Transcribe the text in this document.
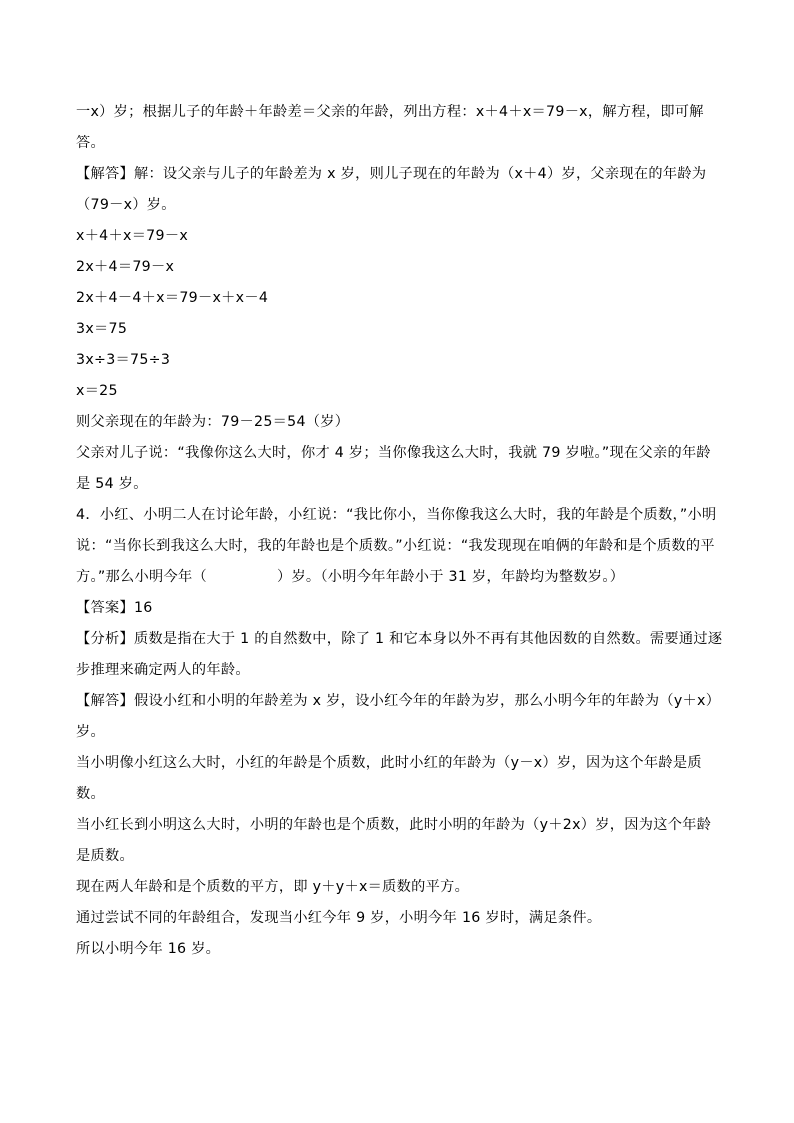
一x）岁；根据儿子的年龄＋年龄差＝父亲的年龄，列出方程：x＋4＋x＝79－x，解方程，即可解答。

【解答】解：设父亲与儿子的年龄差为 x 岁，则儿子现在的年龄为（x＋4）岁，父亲现在的年龄为（79－x）岁。

x＋4＋x＝79－x

2x＋4＝79－x

2x＋4－4＋x＝79－x＋x－4

3x＝75

3x÷3＝75÷3

x＝25

则父亲现在的年龄为：79－25＝54（岁）

父亲对儿子说：“我像你这么大时，你才 4 岁；当你像我这么大时，我就 79 岁啦。”现在父亲的年龄是 54 岁。

4．小红、小明二人在讨论年龄，小红说：“我比你小，当你像我这么大时，我的年龄是个质数，”小明说：“当你长到我这么大时，我的年龄也是个质数。”小红说：“我发现现在咱俩的年龄和是个质数的平方。”那么小明今年（	）岁。（小明今年年龄小于 31 岁，年龄均为整数岁。）

【答案】16

【分析】质数是指在大于 1 的自然数中，除了 1 和它本身以外不再有其他因数的自然数。需要通过逐步推理来确定两人的年龄。

【解答】假设小红和小明的年龄差为 x 岁，设小红今年的年龄为岁，那么小明今年的年龄为（y＋x）岁。

当小明像小红这么大时，小红的年龄是个质数，此时小红的年龄为（y－x）岁，因为这个年龄是质数。

当小红长到小明这么大时，小明的年龄也是个质数，此时小明的年龄为（y＋2x）岁，因为这个年龄是质数。

现在两人年龄和是个质数的平方，即 y＋y＋x＝质数的平方。

通过尝试不同的年龄组合，发现当小红今年 9 岁，小明今年 16 岁时，满足条件。

所以小明今年 16 岁。
